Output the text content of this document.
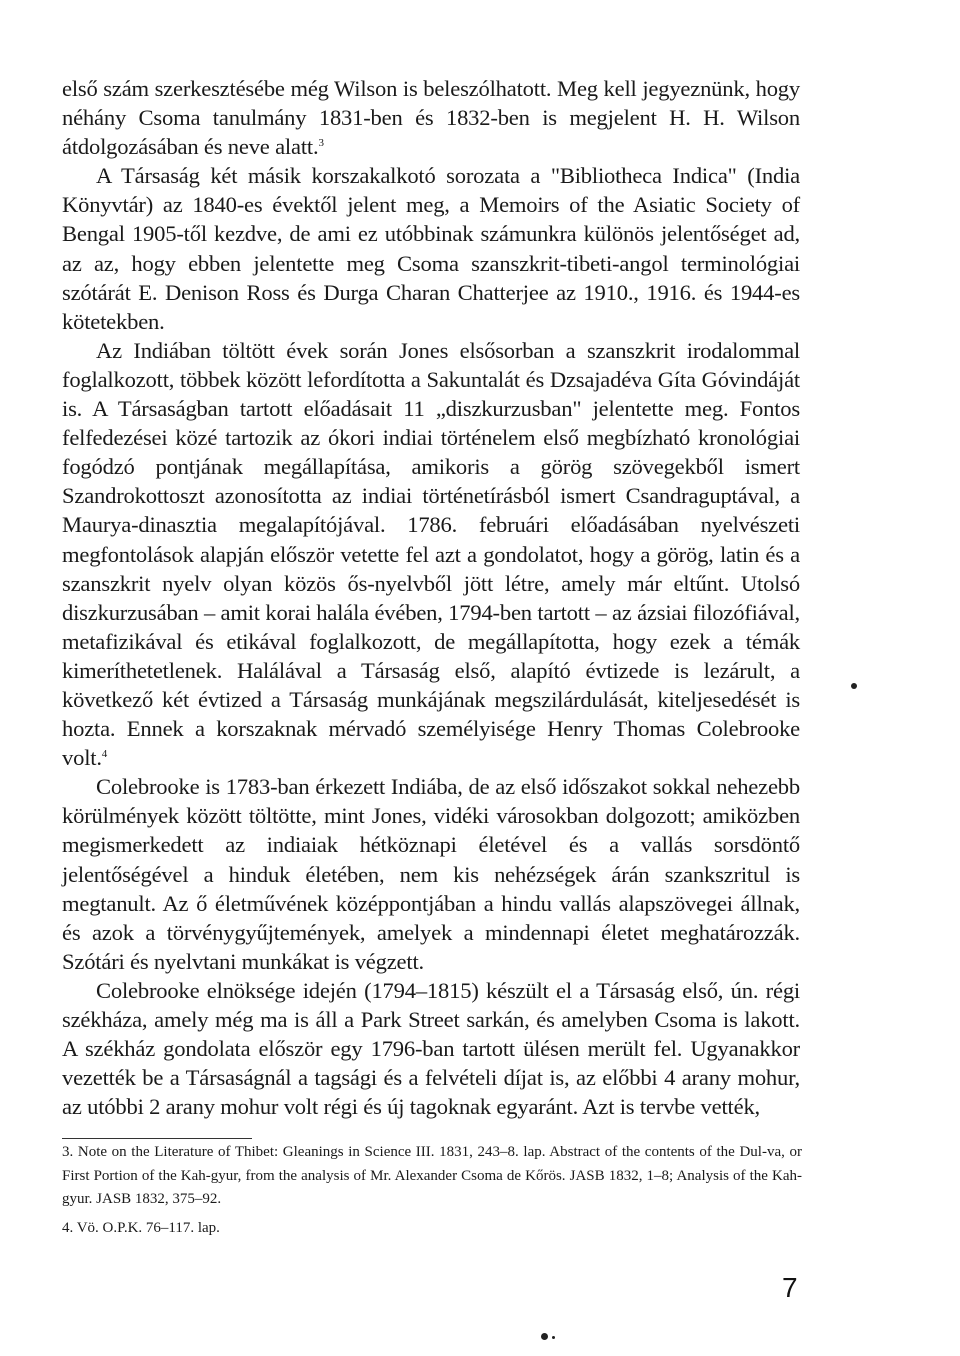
első szám szerkesztésébe még Wilson is beleszólhatott. Meg kell jegyeznünk, hogy néhány Csoma tanulmány 1831-ben és 1832-ben is megjelent H. H. Wilson átdolgozásában és neve alatt.$^3$

A Társaság két másik korszakalkotó sorozata a "Bibliotheca Indica" (India Könyvtár) az 1840-es évektől jelent meg, a Memoirs of the Asiatic Society of Bengal 1905-től kezdve, de ami ez utóbbinak számunkra különös jelentőséget ad, az az, hogy ebben jelentette meg Csoma szanszkrit-tibeti-angol terminológiai szótárát E. Denison Ross és Durga Charan Chatterjee az 1910., 1916. és 1944-es kötetekben.

Az Indiában töltött évek során Jones elsősorban a szanszkrit irodalommal foglalkozott, többek között lefordította a Sakuntalát és Dzsajadéva Gíta Góvindáját is. A Társaságban tartott előadásait 11 „diszkurzusban" jelentette meg. Fontos felfedezései közé tartozik az ókori indiai történelem első megbízható kronológiai fogódzó pontjának megállapítása, amikoris a görög szövegekből ismert Szandrokottoszt azonosította az indiai történetírásból ismert Csandraguptával, a Maurya-dinasztia megalapítójával. 1786. februári előadásában nyelvészeti megfontolások alapján először vetette fel azt a gondolatot, hogy a görög, latin és a szanszkrit nyelv olyan közös ős-nyelvből jött létre, amely már eltűnt. Utolsó diszkurzusában – amit korai halála évében, 1794-ben tartott – az ázsiai filozófiával, metafizikával és etikával foglalkozott, de megállapította, hogy ezek a témák kimeríthetetlenek. Halálával a Társaság első, alapító évtizede is lezárult, a következő két évtized a Társaság munkájának megszilárdulását, kiteljesedését is hozta. Ennek a korszaknak mérvadó személyisége Henry Thomas Colebrooke volt.$^4$

Colebrooke is 1783-ban érkezett Indiába, de az első időszakot sokkal nehezebb körülmények között töltötte, mint Jones, vidéki városokban dolgozott; amiközben megismerkedett az indiaiak hétköznapi életével és a vallás sorsdöntő jelentőségével a hinduk életében, nem kis nehézségek árán szankszritul is megtanult. Az ő életművének középpontjában a hindu vallás alapszövegei állnak, és azok a törvénygyűjtemények, amelyek a mindennapi életet meghatározzák. Szótári és nyelvtani munkákat is végzett.

Colebrooke elnöksége idején (1794–1815) készült el a Társaság első, ún. régi székháza, amely még ma is áll a Park Street sarkán, és amelyben Csoma is lakott. A székház gondolata először egy 1796-ban tartott ülésen merült fel. Ugyanakkor vezették be a Társaságnál a tagsági és a felvételi díjat is, az előbbi 4 arany mohur, az utóbbi 2 arany mohur volt régi és új tagoknak egyaránt. Azt is tervbe vették,

3. Note on the Literature of Thibet: Gleanings in Science III. 1831, 243–8. lap. Abstract of the contents of the Dul-va, or First Portion of the Kah-gyur, from the analysis of Mr. Alexander Csoma de Kőrös. JASB 1832, 1–8; Analysis of the Kah-gyur. JASB 1832, 375–92.

4. Vö. O.P.K. 76–117. lap.

7
